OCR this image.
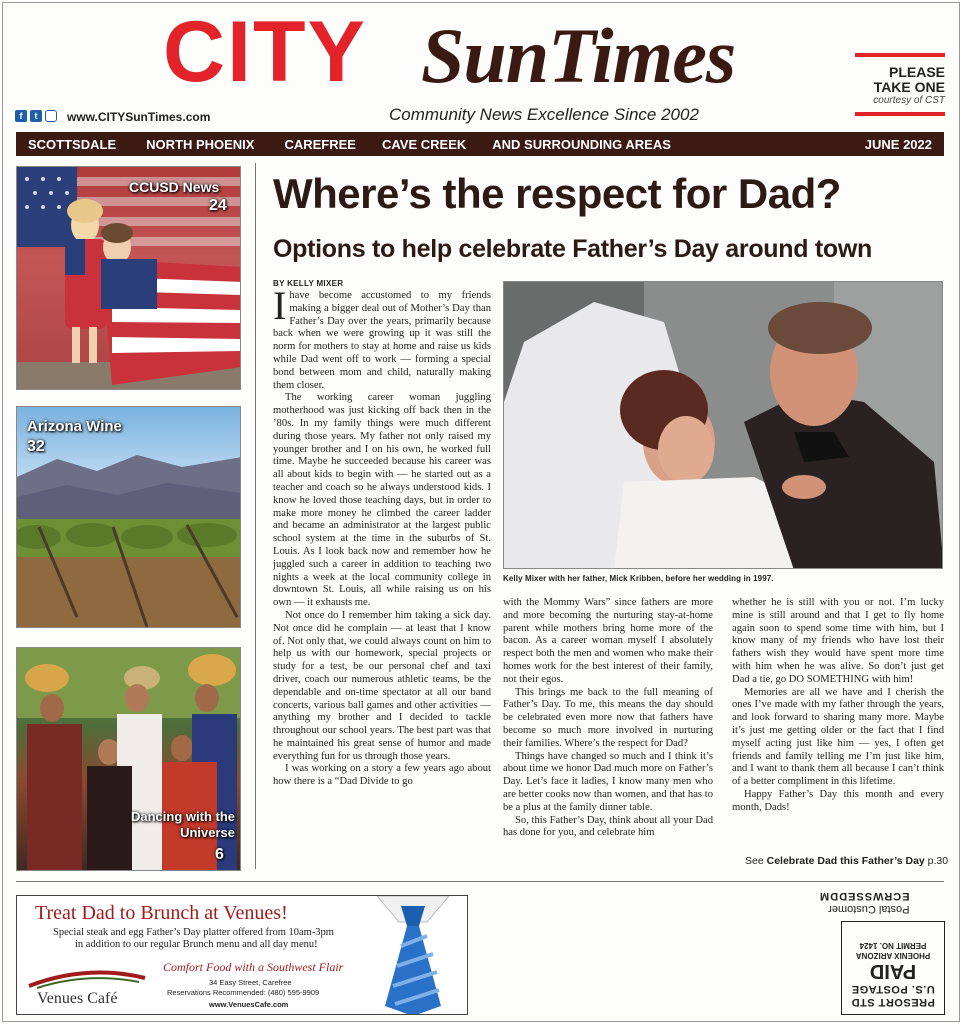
CITY SunTimes
Community News Excellence Since 2002
f	t	www.CITYSunTimes.com
PLEASE
TAKE ONE
courtesy of CST
SCOTTSDALE NORTH PHOENIX CAREFREE CAVE CREEK AND SURROUNDING AREAS	JUNE 2022
CCUSD News
24
Arizona Wine
32
Dancing with the Universe
6
Where’s the respect for Dad?
Options to help celebrate Father’s Day around town
BY KELLY MIXER

Ihave become accustomed to my friends making a bigger deal out of Mother’s Day than Father’s Day over the years, primarily because back when we were growing up it was still the norm for mothers to stay at home and raise us kids while Dad went off to work — forming a special bond between mom and child, naturally making them closer.

The working career woman juggling motherhood was just kicking off back then in the ’80s. In my family things were much different during those years. My father not only raised my younger brother and I on his own, he worked full time. Maybe he succeeded because his career was all about kids to begin with — he started out as a teacher and coach so he always understood kids. I know he loved those teaching days, but in order to make more money he climbed the career ladder and became an administrator at the largest public school system at the time in the suburbs of St. Louis. As I look back now and remember how he juggled such a career in addition to teaching two nights a week at the local community college in downtown St. Louis, all while raising us on his own — it exhausts me.

Not once do I remember him taking a sick day. Not once did he complain — at least that I know of. Not only that, we could always count on him to help us with our homework, special projects or study for a test, be our personal chef and taxi driver, coach our numerous athletic teams, be the dependable and on-time spectator at all our band concerts, various ball games and other activities — anything my brother and I decided to tackle throughout our school years. The best part was that he maintained his great sense of humor and made everything fun for us through those years.

I was working on a story a few years ago about how there is a “Dad Divide to go

Kelly Mixer with her father, Mick Kribben, before her wedding in 1997.

with the Mommy Wars” since fathers are more and more becoming the nurturing stay-at-home parent while mothers bring home more of the bacon. As a career woman myself I absolutely respect both the men and women who make their homes work for the best interest of their family, not their egos.

This brings me back to the full meaning of Father’s Day. To me, this means the day should be celebrated even more now that fathers have become so much more involved in nurturing their families. Where’s the respect for Dad?

Things have changed so much and I think it’s about time we honor Dad much more on Father’s Day. Let’s face it ladies, I know many men who are better cooks now than women, and that has to be a plus at the family dinner table.

So, this Father’s Day, think about all your Dad has done for you, and celebrate him

whether he is still with you or not. I’m lucky mine is still around and that I get to fly home again soon to spend some time with him, but I know many of my friends who have lost their fathers wish they would have spent more time with him when he was alive. So don’t just get Dad a tie, go DO SOMETHING with him!

Memories are all we have and I cherish the ones I’ve made with my father through the years, and look forward to sharing many more. Maybe it’s just me getting older or the fact that I find myself acting just like him — yes, I often get friends and family telling me I’m just like him, and I want to thank them all because I can’t think of a better compliment in this lifetime.

Happy Father’s Day this month and every month, Dads!

See Celebrate Dad this Father’s Day p.30
Treat Dad to Brunch at Venues!
Special steak and egg Father’s Day platter offered from 10am-3pm
in addition to our regular Brunch menu and all day menu!
Venues Café
Comfort Food with a Southwest Flair
34 Easy Street, Carefree
Reservations Recommended: (480) 595-9909
www.VenuesCafe.com
Postal Customer
ECRWSSEDDM
PRESORT STD
U.S. POSTAGE
PAID
PHOENIX ARIZONA
PERMIT NO. 1424
